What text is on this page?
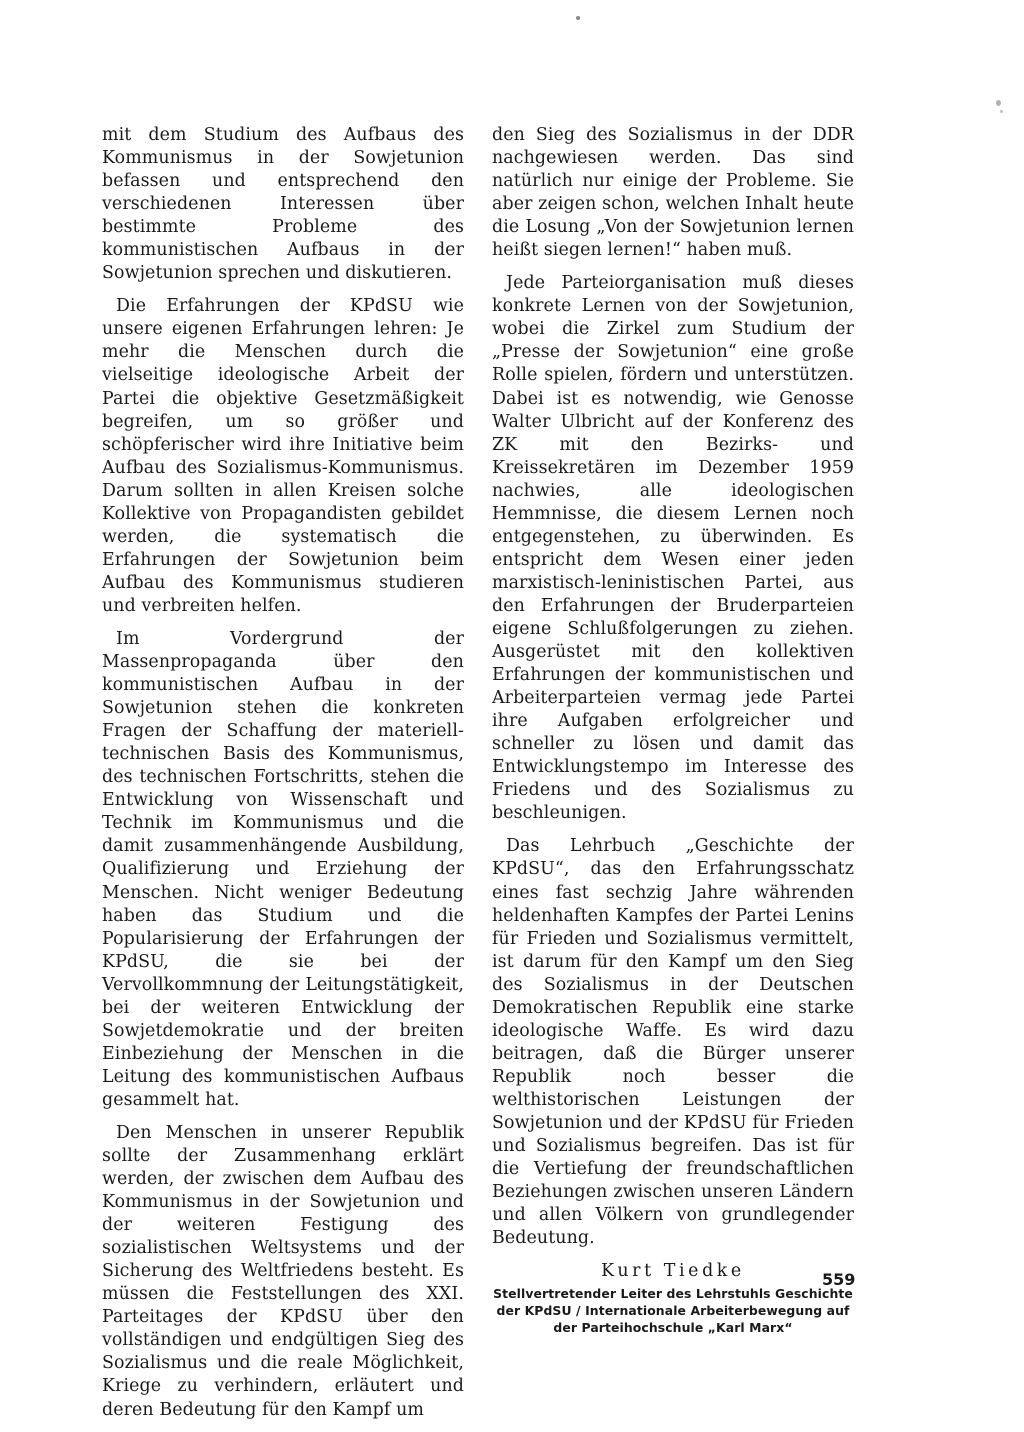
mit dem Studium des Aufbaus des Kommunismus in der Sowjetunion befassen und entsprechend den verschiedenen Interessen über bestimmte Probleme des kommunistischen Aufbaus in der Sowjetunion sprechen und diskutieren.

Die Erfahrungen der KPdSU wie unsere eigenen Erfahrungen lehren: Je mehr die Menschen durch die vielseitige ideologische Arbeit der Partei die objektive Gesetzmäßigkeit begreifen, um so größer und schöpferischer wird ihre Initiative beim Aufbau des Sozialismus-Kommunismus. Darum sollten in allen Kreisen solche Kollektive von Propagandisten gebildet werden, die systematisch die Erfahrungen der Sowjetunion beim Aufbau des Kommunismus studieren und verbreiten helfen.

Im Vordergrund der Massenpropaganda über den kommunistischen Aufbau in der Sowjetunion stehen die konkreten Fragen der Schaffung der materiell-technischen Basis des Kommunismus, des technischen Fortschritts, stehen die Entwicklung von Wissenschaft und Technik im Kommunismus und die damit zusammenhängende Ausbildung, Qualifizierung und Erziehung der Menschen. Nicht weniger Bedeutung haben das Studium und die Popularisierung der Erfahrungen der KPdSU, die sie bei der Vervollkommnung der Leitungstätigkeit, bei der weiteren Entwicklung der Sowjetdemokratie und der breiten Einbeziehung der Menschen in die Leitung des kommunistischen Aufbaus gesammelt hat.

Den Menschen in unserer Republik sollte der Zusammenhang erklärt werden, der zwischen dem Aufbau des Kommunismus in der Sowjetunion und der weiteren Festigung des sozialistischen Weltsystems und der Sicherung des Weltfriedens besteht. Es müssen die Feststellungen des XXI. Parteitages der KPdSU über den vollständigen und endgültigen Sieg des Sozialismus und die reale Möglichkeit, Kriege zu verhindern, erläutert und deren Bedeutung für den Kampf um

den Sieg des Sozialismus in der DDR nachgewiesen werden. Das sind natürlich nur einige der Probleme. Sie aber zeigen schon, welchen Inhalt heute die Losung „Von der Sowjetunion lernen heißt siegen lernen!“ haben muß.

Jede Parteiorganisation muß dieses konkrete Lernen von der Sowjetunion, wobei die Zirkel zum Studium der „Presse der Sowjetunion“ eine große Rolle spielen, fördern und unterstützen. Dabei ist es notwendig, wie Genosse Walter Ulbricht auf der Konferenz des ZK mit den Bezirks- und Kreissekretären im Dezember 1959 nachwies, alle ideologischen Hemmnisse, die diesem Lernen noch entgegenstehen, zu überwinden. Es entspricht dem Wesen einer jeden marxistisch-leninistischen Partei, aus den Erfahrungen der Bruderparteien eigene Schlußfolgerungen zu ziehen. Ausgerüstet mit den kollektiven Erfahrungen der kommunistischen und Arbeiterparteien vermag jede Partei ihre Aufgaben erfolgreicher und schneller zu lösen und damit das Entwicklungstempo im Interesse des Friedens und des Sozialismus zu beschleunigen.

Das Lehrbuch „Geschichte der KPdSU“, das den Erfahrungsschatz eines fast sechzig Jahre währenden heldenhaften Kampfes der Partei Lenins für Frieden und Sozialismus vermittelt, ist darum für den Kampf um den Sieg des Sozialismus in der Deutschen Demokratischen Republik eine starke ideologische Waffe. Es wird dazu beitragen, daß die Bürger unserer Republik noch besser die welthistorischen Leistungen der Sowjetunion und der KPdSU für Frieden und Sozialismus begreifen. Das ist für die Vertiefung der freundschaftlichen Beziehungen zwischen unseren Ländern und allen Völkern von grundlegender Bedeutung.

Kurt Tiedke
Stellvertretender Leiter des Lehrstuhls Geschichte der KPdSU / Internationale Arbeiterbewegung auf der Parteihochschule „Karl Marx“
559
